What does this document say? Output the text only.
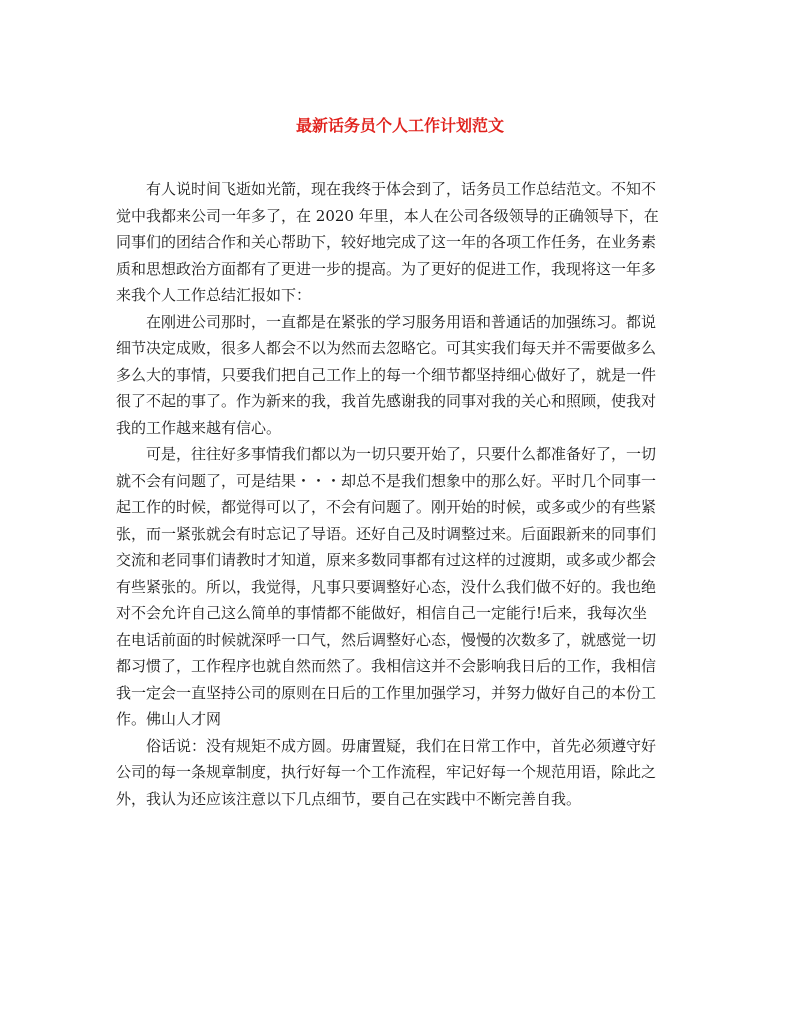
最新话务员个人工作计划范文

有人说时间飞逝如光箭，现在我终于体会到了，话务员工作总结范文。不知不
觉中我都来公司一年多了，在 2020 年里，本人在公司各级领导的正确领导下，在
同事们的团结合作和关心帮助下，较好地完成了这一年的各项工作任务，在业务素
质和思想政治方面都有了更进一步的提高。为了更好的促进工作，我现将这一年多
来我个人工作总结汇报如下：

在刚进公司那时，一直都是在紧张的学习服务用语和普通话的加强练习。都说
细节决定成败，很多人都会不以为然而去忽略它。可其实我们每天并不需要做多么
多么大的事情，只要我们把自己工作上的每一个细节都坚持细心做好了，就是一件
很了不起的事了。作为新来的我，我首先感谢我的同事对我的关心和照顾，使我对
我的工作越来越有信心。

可是，往往好多事情我们都以为一切只要开始了，只要什么都准备好了，一切
就不会有问题了，可是结果・・・却总不是我们想象中的那么好。平时几个同事一
起工作的时候，都觉得可以了，不会有问题了。刚开始的时候，或多或少的有些紧
张，而一紧张就会有时忘记了导语。还好自己及时调整过来。后面跟新来的同事们
交流和老同事们请教时才知道，原来多数同事都有过这样的过渡期，或多或少都会
有些紧张的。所以，我觉得，凡事只要调整好心态，没什么我们做不好的。我也绝
对不会允许自己这么简单的事情都不能做好，相信自己一定能行!后来，我每次坐
在电话前面的时候就深呼一口气，然后调整好心态，慢慢的次数多了，就感觉一切
都习惯了，工作程序也就自然而然了。我相信这并不会影响我日后的工作，我相信
我一定会一直坚持公司的原则在日后的工作里加强学习，并努力做好自己的本份工
作。佛山人才网

俗话说：没有规矩不成方圆。毋庸置疑，我们在日常工作中，首先必须遵守好
公司的每一条规章制度，执行好每一个工作流程，牢记好每一个规范用语，除此之
外，我认为还应该注意以下几点细节，要自己在实践中不断完善自我。
